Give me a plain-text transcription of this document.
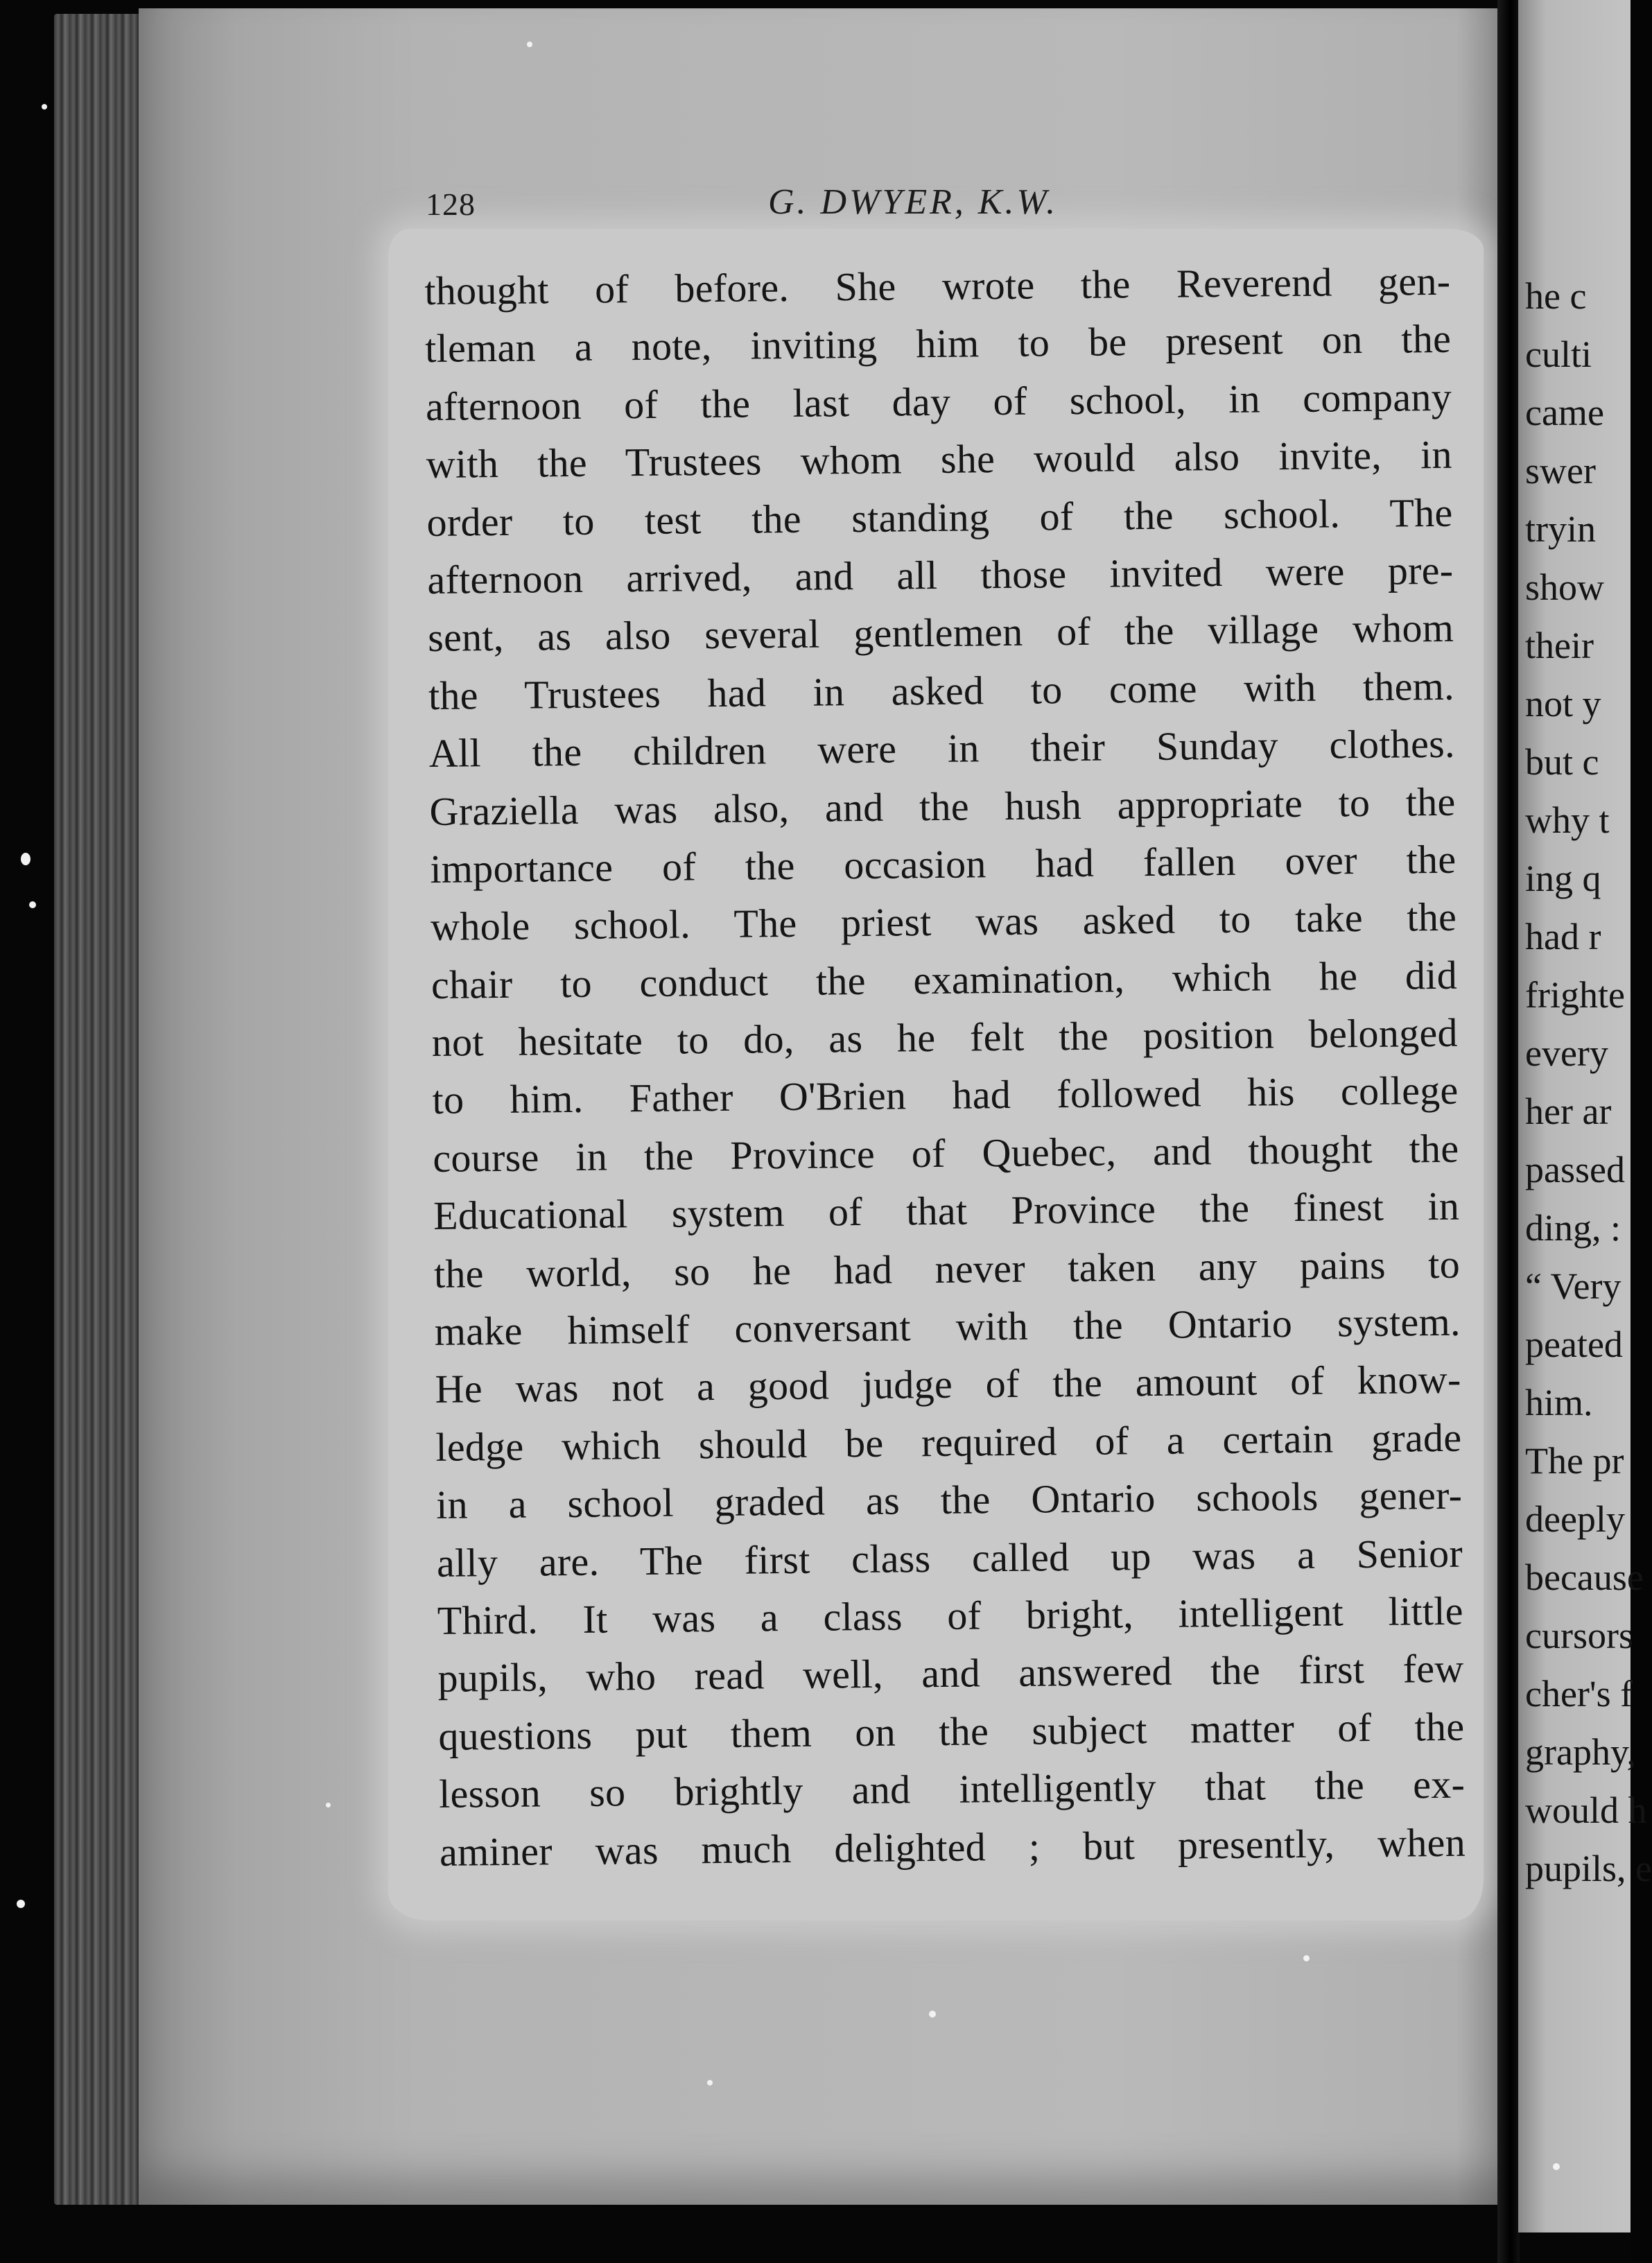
128	G. DWYER, K.W.
thought of before. She wrote the Reverend gen-
tleman a note, inviting him to be present on the
afternoon of the last day of school, in company
with the Trustees whom she would also invite, in
order to test the standing of the school. The
afternoon arrived, and all those invited were pre-
sent, as also several gentlemen of the village whom
the Trustees had in asked to come with them.
All the children were in their Sunday clothes.
Graziella was also, and the hush appropriate to the
importance of the occasion had fallen over the
whole school. The priest was asked to take the
chair to conduct the examination, which he did
not hesitate to do, as he felt the position belonged
to him. Father O'Brien had followed his college
course in the Province of Quebec, and thought the
Educational system of that Province the finest in
the world, so he had never taken any pains to
make himself conversant with the Ontario system.
He was not a good judge of the amount of know-
ledge which should be required of a certain grade
in a school graded as the Ontario schools gener-
ally are. The first class called up was a Senior
Third. It was a class of bright, intelligent little
pupils, who read well, and answered the first few
questions put them on the subject matter of the
lesson so brightly and intelligently that the ex-
aminer was much delighted ; but presently, when
he c
culti
came
swer
tryin
show
their
not y
but c
why t
ing q
had r
frighte
every
her ar
passed
ding, :
“ Very
peated
him.
The pr
deeply
because
cursors
cher's f
graphy,
would h
pupils, e
